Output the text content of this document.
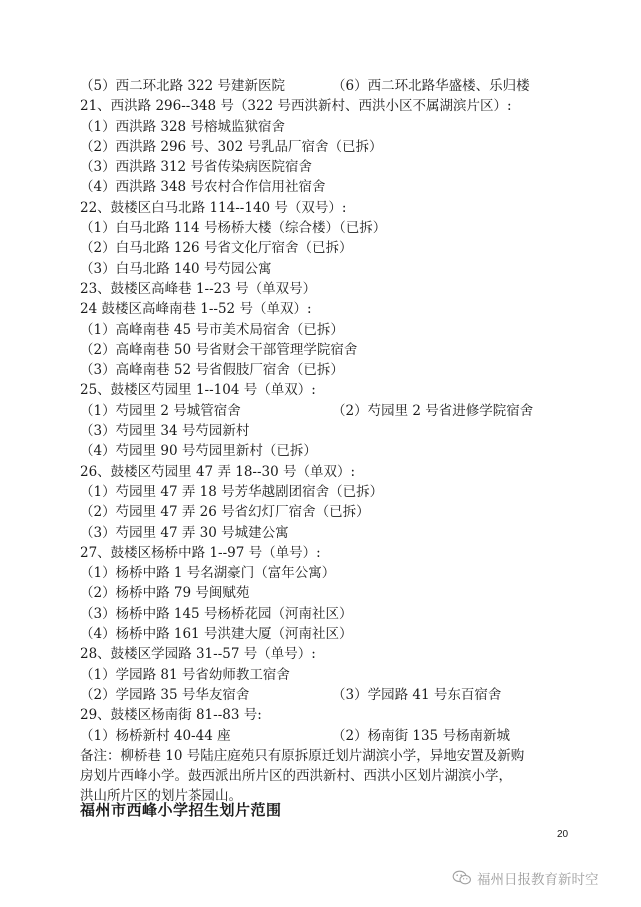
（5）西二环北路 322 号建新医院	（6）西二环北路华盛楼、乐归楼
21、西洪路 296--348 号（322 号西洪新村、西洪小区不属湖滨片区）:
（1）西洪路 328 号榕城监狱宿舍
（2）西洪路 296 号、302 号乳品厂宿舍（已拆）
（3）西洪路 312 号省传染病医院宿舍
（4）西洪路 348 号农村合作信用社宿舍
22、鼓楼区白马北路 114--140 号（双号）:
（1）白马北路 114 号杨桥大楼（综合楼）（已拆）
（2）白马北路 126 号省文化厅宿舍（已拆）
（3）白马北路 140 号芍园公寓
23、鼓楼区高峰巷 1--23 号（单双号）
24 鼓楼区高峰南巷 1--52 号（单双）:
（1）高峰南巷 45 号市美术局宿舍（已拆）
（2）高峰南巷 50 号省财会干部管理学院宿舍
（3）高峰南巷 52 号省假肢厂宿舍（已拆）
25、鼓楼区芍园里 1--104 号（单双）:
（1）芍园里 2 号城管宿舍	（2）芍园里 2 号省进修学院宿舍
（3）芍园里 34 号芍园新村
（4）芍园里 90 号芍园里新村（已拆）
26、鼓楼区芍园里 47 弄 18--30 号（单双）:
（1）芍园里 47 弄 18 号芳华越剧团宿舍（已拆）
（2）芍园里 47 弄 26 号省幻灯厂宿舍（已拆）
（3）芍园里 47 弄 30 号城建公寓
27、鼓楼区杨桥中路 1--97 号（单号）:
（1）杨桥中路 1 号名湖豪门（富年公寓）
（2）杨桥中路 79 号闽赋苑
（3）杨桥中路 145 号杨桥花园（河南社区）
（4）杨桥中路 161 号洪建大厦（河南社区）
28、鼓楼区学园路 31--57 号（单号）:
（1）学园路 81 号省幼师教工宿舍
（2）学园路 35 号华友宿舍	（3）学园路 41 号东百宿舍
29、鼓楼区杨南街 81--83 号:
（1）杨桥新村 40-44 座	（2）杨南街 135 号杨南新城
备注：柳桥巷 10 号陆庄庭苑只有原拆原迁划片湖滨小学，异地安置及新购
房划片西峰小学。鼓西派出所片区的西洪新村、西洪小区划片湖滨小学，
洪山所片区的划片茶园山。
福州市西峰小学招生划片范围
20
福州日报教育新时空
